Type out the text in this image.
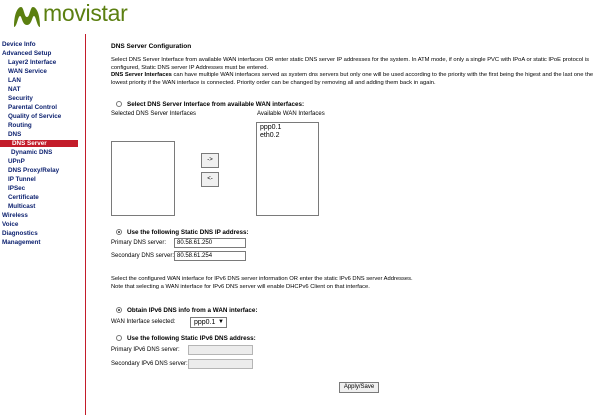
movistar
Device Info
Advanced Setup
Layer2 Interface
WAN Service
LAN
NAT
Security
Parental Control
Quality of Service
Routing
DNS
DNS Server
Dynamic DNS
UPnP
DNS Proxy/Relay
IP Tunnel
IPSec
Certificate
Multicast
Wireless
Voice
Diagnostics
Management
DNS Server Configuration
Select DNS Server Interface from available WAN interfaces OR enter static DNS server IP addresses for the system. In ATM mode, if only a single PVC with IPoA or static IPoE protocol is
configured, Static DNS server IP Addresses must be entered.
DNS Server Interfaces can have multiple WAN interfaces served as system dns servers but only one will be used according to the priority with the first being the higest and the last one the
lowest priority if the WAN interface is connected. Priority order can be changed by removing all and adding them back in again.
Select DNS Server Interface from available WAN interfaces:
Selected DNS Server Interfaces	Available WAN Interfaces
ppp0.1
eth0.2
->
<-
Use the following Static DNS IP address:
Primary DNS server:	80.58.61.250
Secondary DNS server: 80.58.61.254
Select the configured WAN interface for IPv6 DNS server information OR enter the static IPv6 DNS server Addresses.
Note that selecting a WAN interface for IPv6 DNS server will enable DHCPv6 Client on that interface.
Obtain IPv6 DNS info from a WAN interface:
WAN Interface selected:	ppp0.1 ▼
Use the following Static IPv6 DNS address:
Primary IPv6 DNS server:
Secondary IPv6 DNS server:
Apply/Save
